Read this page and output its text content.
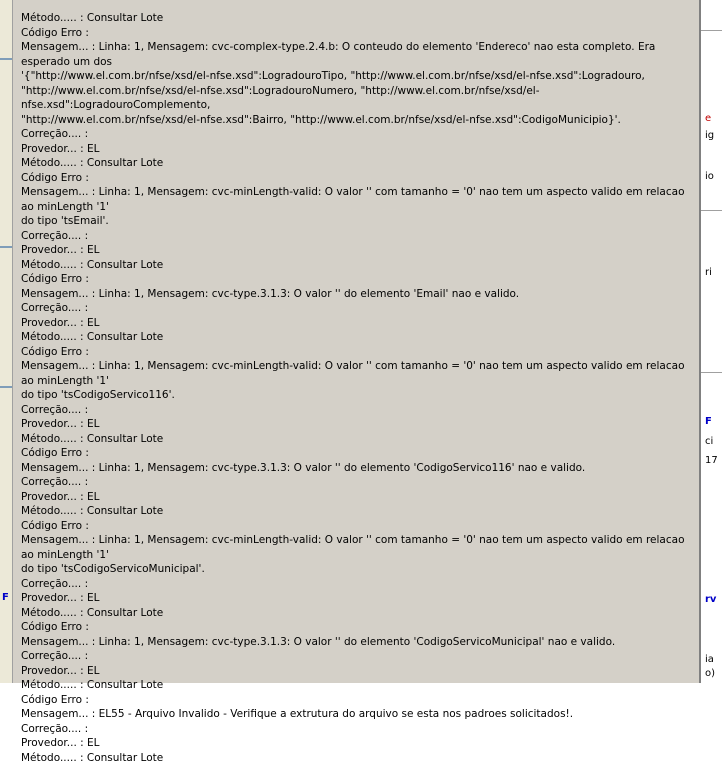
F
Método..... : Consultar Lote
Código Erro :
Mensagem... : Linha: 1, Mensagem: cvc-complex-type.2.4.b: O conteudo do elemento 'Endereco' nao esta completo. Era esperado um dos
'{"http://www.el.com.br/nfse/xsd/el-nfse.xsd":LogradouroTipo, "http://www.el.com.br/nfse/xsd/el-nfse.xsd":Logradouro,
"http://www.el.com.br/nfse/xsd/el-nfse.xsd":LogradouroNumero, "http://www.el.com.br/nfse/xsd/el-nfse.xsd":LogradouroComplemento,
"http://www.el.com.br/nfse/xsd/el-nfse.xsd":Bairro, "http://www.el.com.br/nfse/xsd/el-nfse.xsd":CodigoMunicipio}'.
Correção.... :
Provedor... : EL
Método..... : Consultar Lote
Código Erro :
Mensagem... : Linha: 1, Mensagem: cvc-minLength-valid: O valor '' com tamanho = '0' nao tem um aspecto valido em relacao ao minLength '1'
do tipo 'tsEmail'.
Correção.... :
Provedor... : EL
Método..... : Consultar Lote
Código Erro :
Mensagem... : Linha: 1, Mensagem: cvc-type.3.1.3: O valor '' do elemento 'Email' nao e valido.
Correção.... :
Provedor... : EL
Método..... : Consultar Lote
Código Erro :
Mensagem... : Linha: 1, Mensagem: cvc-minLength-valid: O valor '' com tamanho = '0' nao tem um aspecto valido em relacao ao minLength '1'
do tipo 'tsCodigoServico116'.
Correção.... :
Provedor... : EL
Método..... : Consultar Lote
Código Erro :
Mensagem... : Linha: 1, Mensagem: cvc-type.3.1.3: O valor '' do elemento 'CodigoServico116' nao e valido.
Correção.... :
Provedor... : EL
Método..... : Consultar Lote
Código Erro :
Mensagem... : Linha: 1, Mensagem: cvc-minLength-valid: O valor '' com tamanho = '0' nao tem um aspecto valido em relacao ao minLength '1'
do tipo 'tsCodigoServicoMunicipal'.
Correção.... :
Provedor... : EL
Método..... : Consultar Lote
Código Erro :
Mensagem... : Linha: 1, Mensagem: cvc-type.3.1.3: O valor '' do elemento 'CodigoServicoMunicipal' nao e valido.
Correção.... :
Provedor... : EL
Método..... : Consultar Lote
Código Erro :
Mensagem... : EL55 - Arquivo Invalido - Verifique a extrutura do arquivo se esta nos padroes solicitados!.
Correção.... :
Provedor... : EL
Método..... : Consultar Lote
e
ig
io
ri
F
ci
17
rv
ia
o)
